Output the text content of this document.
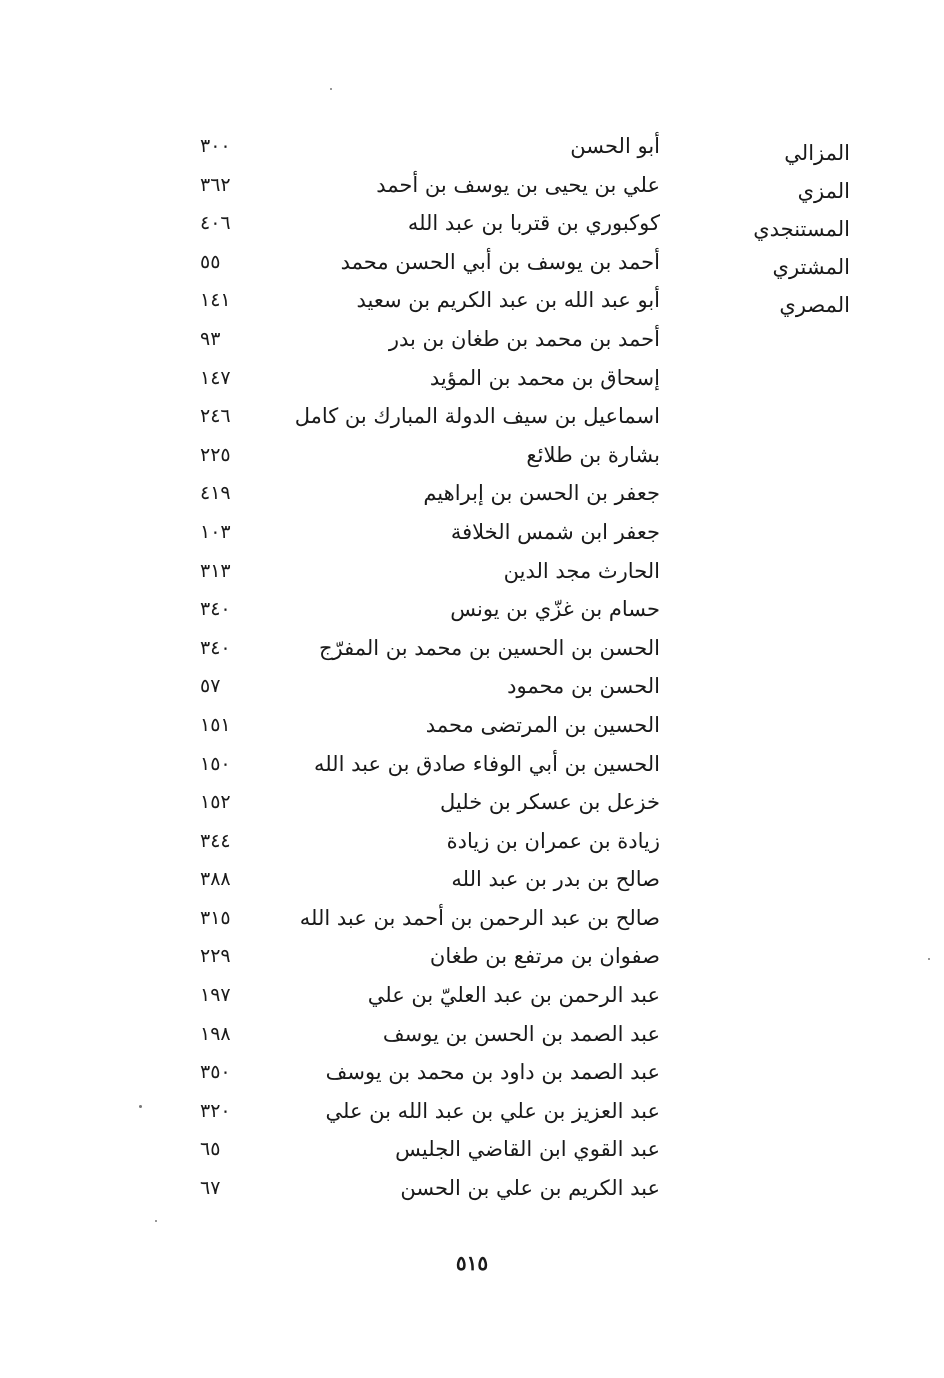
المزالي
المزي
المستنجدي
المشتري
المصري
أبو الحسن
٣٠٠
علي بن يحيى بن يوسف بن أحمد
٣٦٢
كوكبوري بن قتربا بن عبد الله
٤٠٦
أحمد بن يوسف بن أبي الحسن محمد
٥٥
أبو عبد الله بن عبد الكريم بن سعيد
١٤١
أحمد بن محمد بن طغان بن بدر
٩٣
إسحاق بن محمد بن المؤيد
١٤٧
اسماعيل بن سيف الدولة المبارك بن كامل
٢٤٦
بشارة بن طلائع
٢٢٥
جعفر بن الحسن بن إبراهيم
٤١٩
جعفر ابن شمس الخلافة
١٠٣
الحارث مجد الدين
٣١٣
حسام بن غزّي بن يونس
٣٤٠
الحسن بن الحسين بن محمد بن المفرّج
٣٤٠
الحسن بن محمود
٥٧
الحسين بن المرتضى محمد
١٥١
الحسين بن أبي الوفاء صادق بن عبد الله
١٥٠
خزعل بن عسكر بن خليل
١٥٢
زيادة بن عمران بن زيادة
٣٤٤
صالح بن بدر بن عبد الله
٣٨٨
صالح بن عبد الرحمن بن أحمد بن عبد الله
٣١٥
صفوان بن مرتفع بن طغان
٢٢٩
عبد الرحمن بن عبد العليّ بن علي
١٩٧
عبد الصمد بن الحسن بن يوسف
١٩٨
عبد الصمد بن داود بن محمد بن يوسف
٣٥٠
عبد العزيز بن علي بن عبد الله بن علي
٣٢٠
عبد القوي ابن القاضي الجليس
٦٥
عبد الكريم بن علي بن الحسن
٦٧
٥١٥
